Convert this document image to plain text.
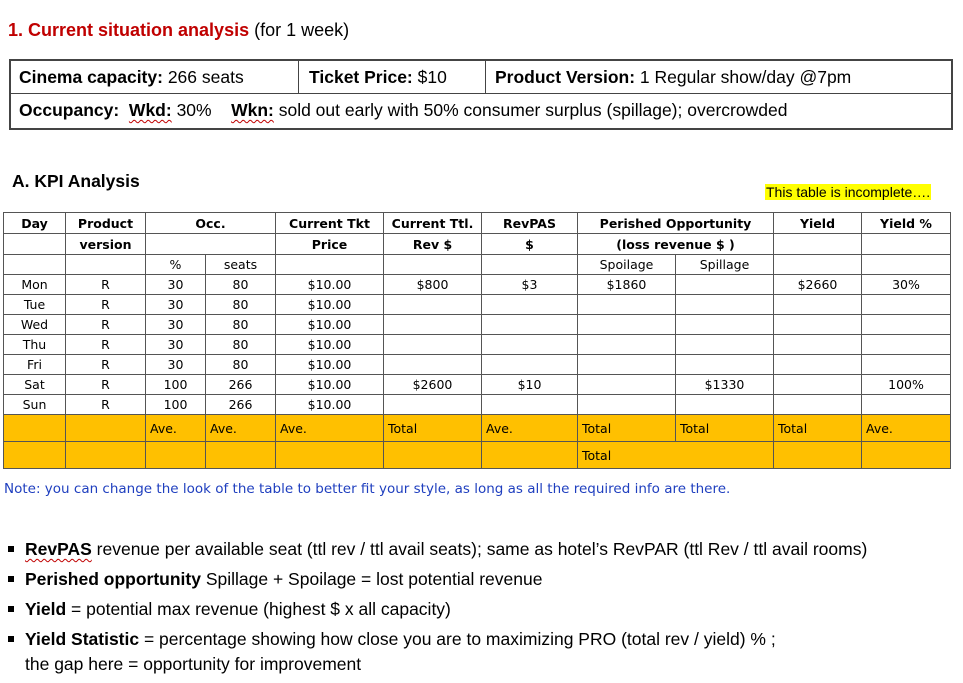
1. Current situation analysis (for 1 week)
Cinema capacity: 266 seats	Ticket Price: $10	Product Version: 1 Regular show/day @7pm
Occupancy: Wkd: 30% Wkn: sold out early with 50% consumer surplus (spillage); overcrowded
A. KPI Analysis
This table is incomplete….
Day	Product	Occ.		Current Tkt	Current Ttl.	RevPAS	Perished Opportunity		Yield	Yield %
	version			Price	Rev $	$	(loss revenue $ )			
		%	seats				Spoilage	Spillage		
Mon	R	30	80	$10.00	$800	$3	$1860		$2660	30%
Tue	R	30	80	$10.00						
Wed	R	30	80	$10.00						
Thu	R	30	80	$10.00						
Fri	R	30	80	$10.00						
Sat	R	100	266	$10.00	$2600	$10		$1330		100%
Sun	R	100	266	$10.00						
		Ave.	Ave.	Ave.	Total	Ave.	Total	Total	Total	Ave.
							Total			
Note: you can change the look of the table to better fit your style, as long as all the required info are there.
RevPAS revenue per available seat (ttl rev / ttl avail seats); same as hotel’s RevPAR (ttl Rev / ttl avail rooms)
Perished opportunity Spillage + Spoilage = lost potential revenue
Yield = potential max revenue (highest $ x all capacity)
Yield Statistic = percentage showing how close you are to maximizing PRO (total rev / yield) % ;
the gap here = opportunity for improvement
